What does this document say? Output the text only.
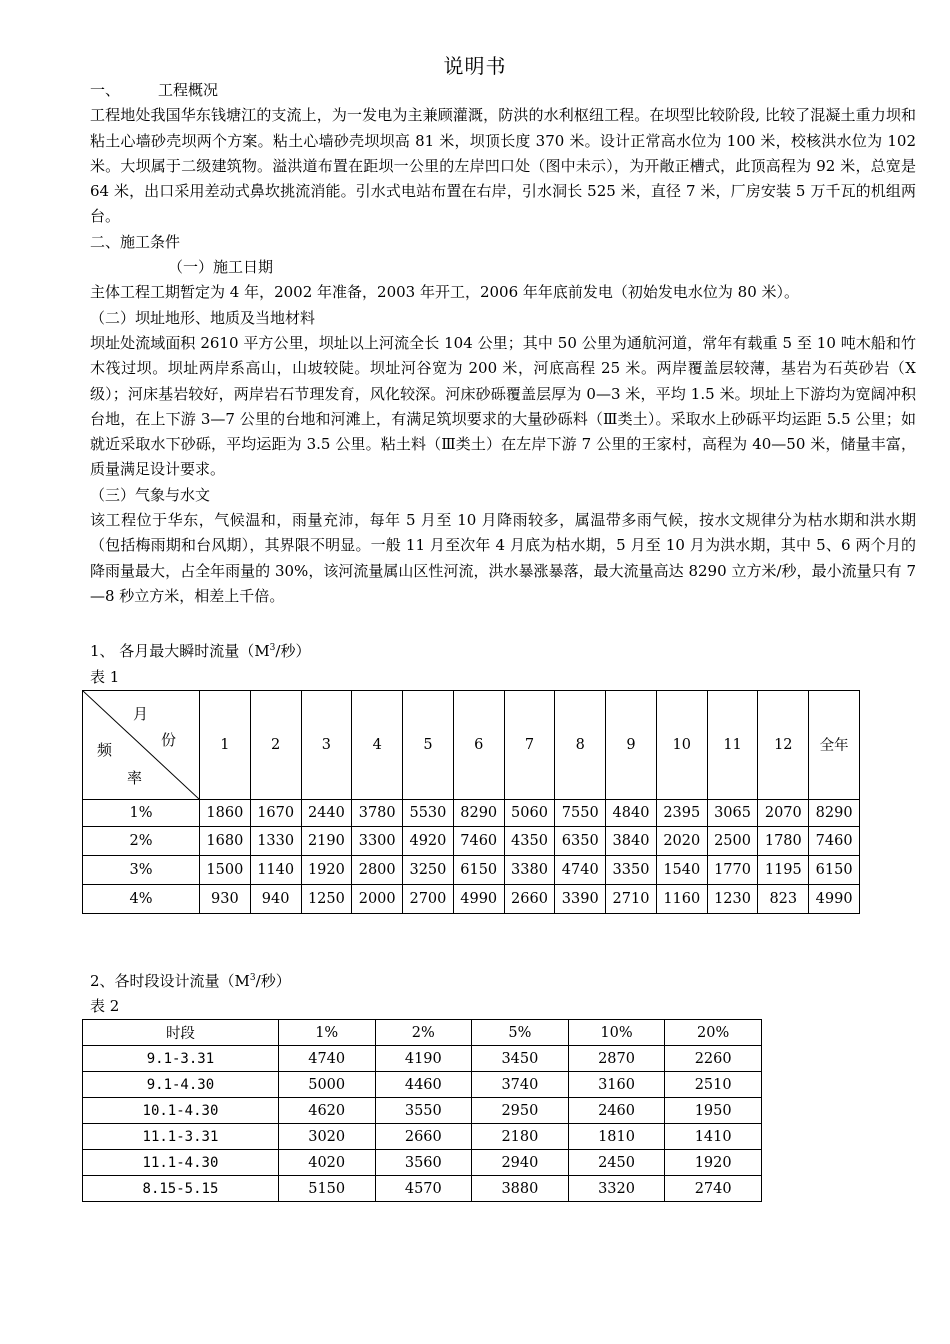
说明书
一、	工程概况
工程地处我国华东钱塘江的支流上，为一发电为主兼顾灌溉，防洪的水利枢纽工程。在坝型比较阶段, 比较了混凝土重力坝和粘土心墙砂壳坝两个方案。粘土心墙砂壳坝坝高 81 米，坝顶长度 370 米。设计正常高水位为 100 米，校核洪水位为 102 米。大坝属于二级建筑物。溢洪道布置在距坝一公里的左岸凹口处（图中未示），为开敞正槽式，此顶高程为 92 米，总宽是 64 米，出口采用差动式鼻坎挑流消能。引水式电站布置在右岸，引水洞长 525 米，直径 7 米，厂房安装 5 万千瓦的机组两台。
二、施工条件
（一）施工日期
主体工程工期暂定为 4 年，2002 年准备，2003 年开工，2006 年年底前发电（初始发电水位为 80 米）。
（二）坝址地形、地质及当地材料
坝址处流域面积 2610 平方公里，坝址以上河流全长 104 公里；其中 50 公里为通航河道，常年有载重 5 至 10 吨木船和竹木筏过坝。坝址两岸系高山，山坡较陡。坝址河谷宽为 200 米，河底高程 25 米。两岸覆盖层较薄，基岩为石英砂岩（X 级）；河床基岩较好，两岸岩石节理发育，风化较深。河床砂砾覆盖层厚为 0—3 米，平均 1.5 米。坝址上下游均为宽阔冲积台地，在上下游 3—7 公里的台地和河滩上，有满足筑坝要求的大量砂砾料（Ⅲ类土）。采取水上砂砾平均运距 5.5 公里；如就近采取水下砂砾，平均运距为 3.5 公里。粘土料（Ⅲ类土）在左岸下游 7 公里的王家村，高程为 40—50 米，储量丰富，质量满足设计要求。
（三）气象与水文
该工程位于华东，气候温和，雨量充沛，每年 5 月至 10 月降雨较多，属温带多雨气候，按水文规律分为枯水期和洪水期（包括梅雨期和台风期），其界限不明显。一般 11 月至次年 4 月底为枯水期，5 月至 10 月为洪水期，其中 5、6 两个月的降雨量最大，占全年雨量的 30%，该河流量属山区性河流，洪水暴涨暴落，最大流量高达 8290 立方米/秒，最小流量只有 7—8 秒立方米，相差上千倍。
1、 各月最大瞬时流量（$M^3/$秒）
表 1
月
份
频
率	1	2	3	4	5	6	7	8	9	10	11	12	全年
1%	1860	1670	2440	3780	5530	8290	5060	7550	4840	2395	3065	2070	8290
2%	1680	1330	2190	3300	4920	7460	4350	6350	3840	2020	2500	1780	7460
3%	1500	1140	1920	2800	3250	6150	3380	4740	3350	1540	1770	1195	6150
4%	930	940	1250	2000	2700	4990	2660	3390	2710	1160	1230	823	4990
2、各时段设计流量（$M^3/$秒）
表 2
时段	1%	2%	5%	10%	20%
9.1-3.31	4740	4190	3450	2870	2260
9.1-4.30	5000	4460	3740	3160	2510
10.1-4.30	4620	3550	2950	2460	1950
11.1-3.31	3020	2660	2180	1810	1410
11.1-4.30	4020	3560	2940	2450	1920
8.15-5.15	5150	4570	3880	3320	2740
